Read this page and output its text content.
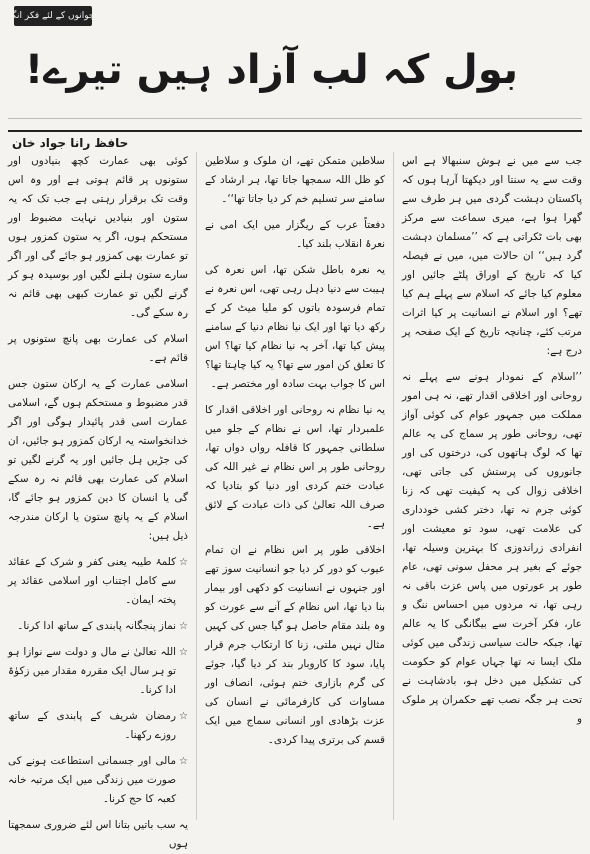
نوجوانوں کے لئے فکر انگیز
بول کہ لب آزاد ہیں تیرے!
حافظ رانا جواد خان

جب سے میں نے ہوش سنبھالا ہے اس وقت سے یہ سنتا اور دیکھتا آرہا ہوں کہ پاکستان دہشت گردی میں ہر طرف سے گھرا ہوا ہے، میری سماعت سے مرکز بھی بات ٹکراتی ہے کہ ’’مسلمان دہشت گرد ہیں‘‘ ان حالات میں، میں نے فیصلہ کیا کہ تاریخ کے اوراق پلٹے جائیں اور معلوم کیا جائے کہ اسلام سے پہلے ہم کیا تھے؟ اور اسلام نے انسانیت پر کیا اثرات مرتب کئے، چنانچہ تاریخ کے ایک صفحہ پر درج ہے:

’’اسلام کے نمودار ہونے سے پہلے نہ روحانی اور اخلاقی اقدار تھے، نہ ہی امور مملکت میں جمہور عوام کی کوئی آواز تھی، روحانی طور پر سماج کی یہ عالم تھا کہ لوگ ہاتھوں کی، درختوں کی اور جانوروں کی پرستش کی جاتی تھی، اخلاقی زوال کی یہ کیفیت تھی کہ زنا کوئی جرم نہ تھا، دختر کشی خودداری کی علامت تھی، سود تو معیشت اور انفرادی زراندوزی کا بہترین وسیلہ تھا، جوئے کے بغیر ہر محفل سونی تھی، عام طور پر عورتوں میں پاس عزت باقی نہ رہی تھا، نہ مردوں میں احساس ننگ و عار، فکر آخرت سے بیگانگی کا یہ عالم تھا، جبکہ حالت سیاسی زندگی میں کوئی ملک ایسا نہ تھا جہاں عوام کو حکومت کی تشکیل میں دخل ہو، بادشاہت نے تحت ہر جگہ نصب تھے حکمران پر ملوک و

سلاطین متمکن تھے، ان ملوک و سلاطین کو ظل اللہ سمجھا جاتا تھا، ہر ارشاد کے سامنے سر تسلیم خم کر دیا جاتا تھا‘‘۔

دفعتاً عرب کے ریگزار میں ایک امی نے نعرۂ انقلاب بلند کیا۔

یہ نعرہ باطل شکن تھا، اس نعرہ کی ہیبت سے دنیا دہل رہی تھی، اس نعرہ نے تمام فرسودہ باتوں کو ملیا میٹ کر کے رکھ دیا تھا اور ایک نیا نظام دنیا کے سامنے پیش کیا تھا، آخر یہ نیا نظام کیا تھا؟ اس کا تعلق کن امور سے تھا؟ یہ کیا چاہتا تھا؟ اس کا جواب بہت سادہ اور مختصر ہے۔

یہ نیا نظام نہ روحانی اور اخلاقی اقدار کا علمبردار تھا، اس نے نظام کے جلو میں سلطانی جمہور کا قافلہ رواں دواں تھا، روحانی طور پر اس نظام نے غیر اللہ کی عبادت ختم کردی اور دنیا کو بتادیا کہ صرف اللہ تعالیٰ کی ذات عبادت کے لائق ہے۔

اخلاقی طور پر اس نظام نے ان تمام عیوب کو دور کر دیا جو انسانیت سوز تھے اور جنہوں نے انسانیت کو دکھی اور بیمار بنا دیا تھا، اس نظام کے آنے سے عورت کو وہ بلند مقام حاصل ہو گیا جس کی کہیں مثال نہیں ملتی، زنا کا ارتکاب جرم قرار پایا، سود کا کاروبار بند کر دیا گیا، جوئے کی گرم بازاری ختم ہوئی، انصاف اور مساوات کی کارفرمائی نے انسان کی عزت بڑھادی اور انسانی سماج میں ایک قسم کی برتری پیدا کردی۔

کوئی بھی عمارت کچھ بنیادوں اور ستونوں پر قائم ہوتی ہے اور وہ اس وقت تک برقرار رہتی ہے جب تک کہ یہ ستون اور بنیادیں نہایت مضبوط اور مستحکم ہوں، اگر یہ ستون کمزور ہوں تو عمارت بھی کمزور ہو جائے گی اور اگر سارے ستون ہلنے لگیں اور بوسیدہ ہو کر گرنے لگیں تو عمارت کبھی بھی قائم نہ رہ سکے گی۔

اسلام کی عمارت بھی پانچ ستونوں پر قائم ہے۔

اسلامی عمارت کے یہ ارکان ستون جس قدر مضبوط و مستحکم ہوں گے، اسلامی عمارت اسی قدر پائیدار ہوگی اور اگر خدانخواستہ یہ ارکان کمزور ہو جائیں، ان کی جڑیں ہل جائیں اور یہ گرنے لگیں تو اسلام کی عمارت بھی قائم نہ رہ سکے گی یا انسان کا دین کمزور ہو جائے گا، اسلام کے یہ پانچ ستون یا ارکان مندرجہ ذیل ہیں:

☆
کلمۂ طیبہ یعنی کفر و شرک کے عقائد سے کامل اجتناب اور اسلامی عقائد پر پختہ ایمان۔
☆
نماز پنجگانہ پابندی کے ساتھ ادا کرنا۔
☆
اللہ تعالیٰ نے مال و دولت سے نوازا ہو تو ہر سال ایک مقررہ مقدار میں زکوٰۃ ادا کرنا۔
☆
رمضان شریف کے پابندی کے ساتھ روزے رکھنا۔
☆
مالی اور جسمانی استطاعت ہونے کی صورت میں زندگی میں ایک مرتبہ خانہ کعبہ کا حج کرنا۔

یہ سب باتیں بتانا اس لئے ضروری سمجھتا ہوں
